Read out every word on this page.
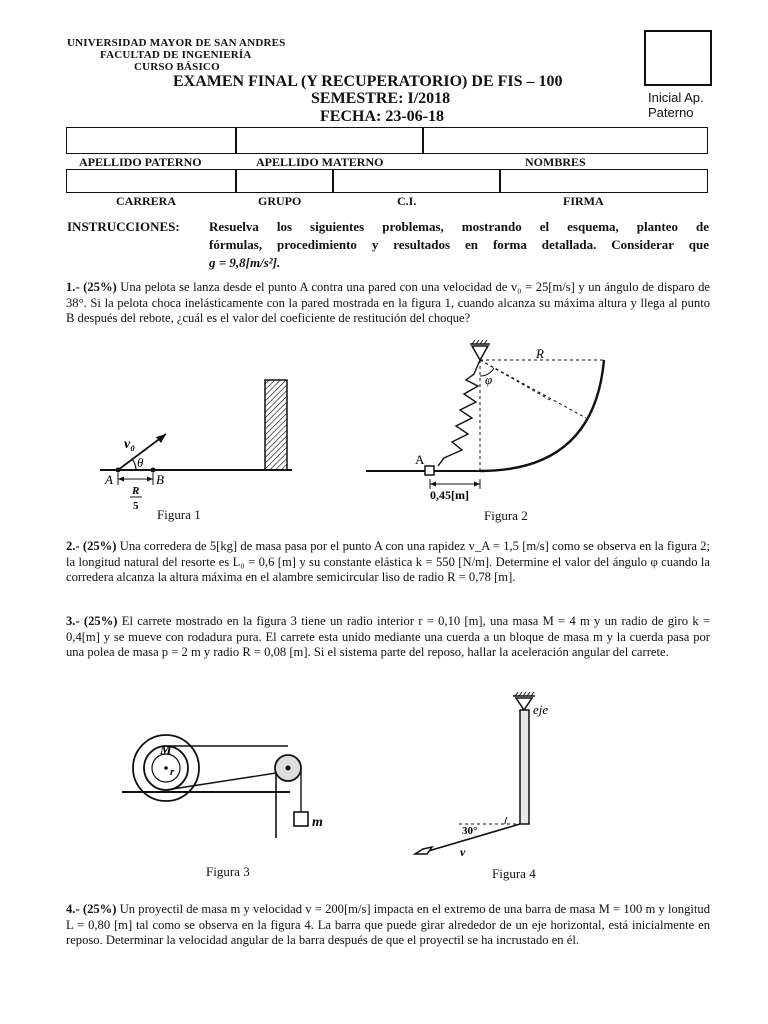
UNIVERSIDAD MAYOR DE SAN ANDRES
FACULTAD DE INGENIERÍA
CURSO BÁSICO
EXAMEN FINAL (Y RECUPERATORIO) DE FIS – 100
SEMESTRE: I/2018
FECHA: 23-06-18
Inicial Ap.
Paterno
APELLIDO PATERNO	APELLIDO MATERNO	NOMBRES
CARRERA	GRUPO	C.I.	FIRMA
INSTRUCCIONES: Resuelva los siguientes problemas, mostrando el esquema, planteo de
fórmulas, procedimiento y resultados en forma detallada. Considerar que
g = 9,8[m/s²].
1.- (25%) Una pelota se lanza desde el punto A contra una pared con una velocidad de v₀ = 25[m/s] y un ángulo de disparo de 38°. Si la pelota choca inelásticamente con la pared mostrada en la figura 1, cuando alcanza su máxima altura y llega al punto B después del rebote, ¿cuál es el valor del coeficiente de restitución del choque?
v₀
θ
A	B
R
5
Figura 1
R
φ
A
0,45[m]
Figura 2
2.- (25%) Una corredera de 5[kg] de masa pasa por el punto A con una rapidez v_A = 1,5 [m/s] como se observa en la figura 2; la longitud natural del resorte es L₀ = 0,6 [m] y su constante elástica k = 550 [N/m]. Determine el valor del ángulo φ cuando la corredera alcanza la altura máxima en el alambre semicircular liso de radio R = 0,78 [m].
3.- (25%) El carrete mostrado en la figura 3 tiene un radio interior r = 0,10 [m], una masa M = 4 m y un radio de giro k = 0,4[m] y se mueve con rodadura pura. El carrete esta unido mediante una cuerda a un bloque de masa m y la cuerda pasa por una polea de masa p = 2 m y radio R = 0,08 [m]. Si el sistema parte del reposo, hallar la aceleración angular del carrete.
M
r
m
Figura 3
eje
30°
v
Figura 4
4.- (25%) Un proyectil de masa m y velocidad v = 200[m/s] impacta en el extremo de una barra de masa M = 100 m y longitud L = 0,80 [m] tal como se observa en la figura 4. La barra que puede girar alrededor de un eje horizontal, está inicialmente en reposo. Determinar la velocidad angular de la barra después de que el proyectil se ha incrustado en él.
